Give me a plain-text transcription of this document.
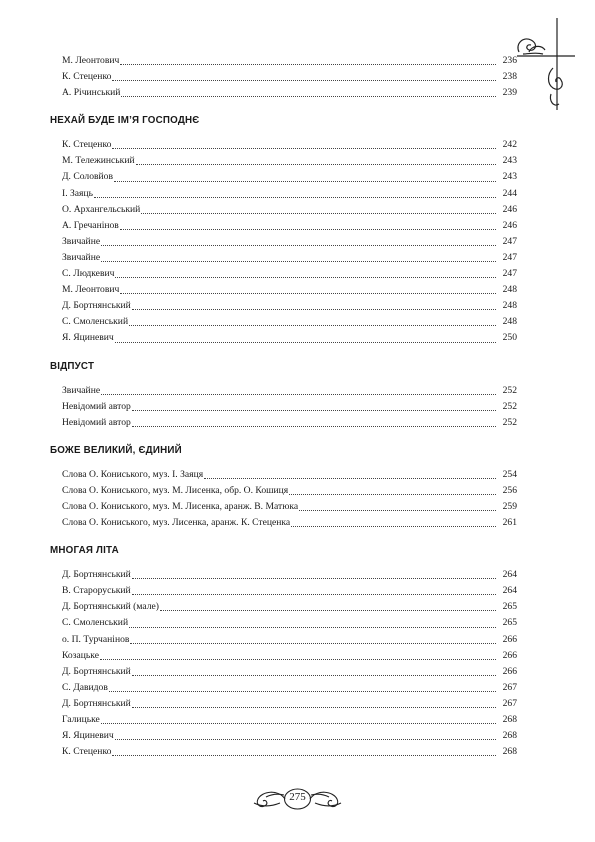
М. Леонтович	236
К. Стеценко	238
А. Річинський	239
НЕХАЙ БУДЕ ІМ’Я ГОСПОДНЄ
К. Стеценко	242
М. Тележинський	243
Д. Соловйов	243
І. Заяць	244
О. Архангельський	246
А. Гречанінов	246
Звичайне	247
Звичайне	247
С. Людкевич	247
М. Леонтович	248
Д. Бортнянський	248
С. Смоленський	248
Я. Яциневич	250
ВІДПУСТ
Звичайне	252
Невідомий автор	252
Невідомий автор	252
БОЖЕ ВЕЛИКИЙ, ЄДИНИЙ
Слова О. Кониського, муз. І. Заяця	254
Слова О. Кониського, муз. М. Лисенка, обр. О. Кошиця	256
Слова О. Кониського, муз. М. Лисенка, аранж. В. Матюка	259
Слова О. Кониського, муз. Лисенка, аранж. К. Стеценка	261
МНОГАЯ ЛІТА
Д. Бортнянський	264
В. Староруський	264
Д. Бортнянський (мале)	265
С. Смоленський	265
о. П. Турчанінов	266
Козацьке	266
Д. Бортнянський	266
С. Давидов	267
Д. Бортнянський	267
Галицьке	268
Я. Яциневич	268
К. Стеценко	268
275
